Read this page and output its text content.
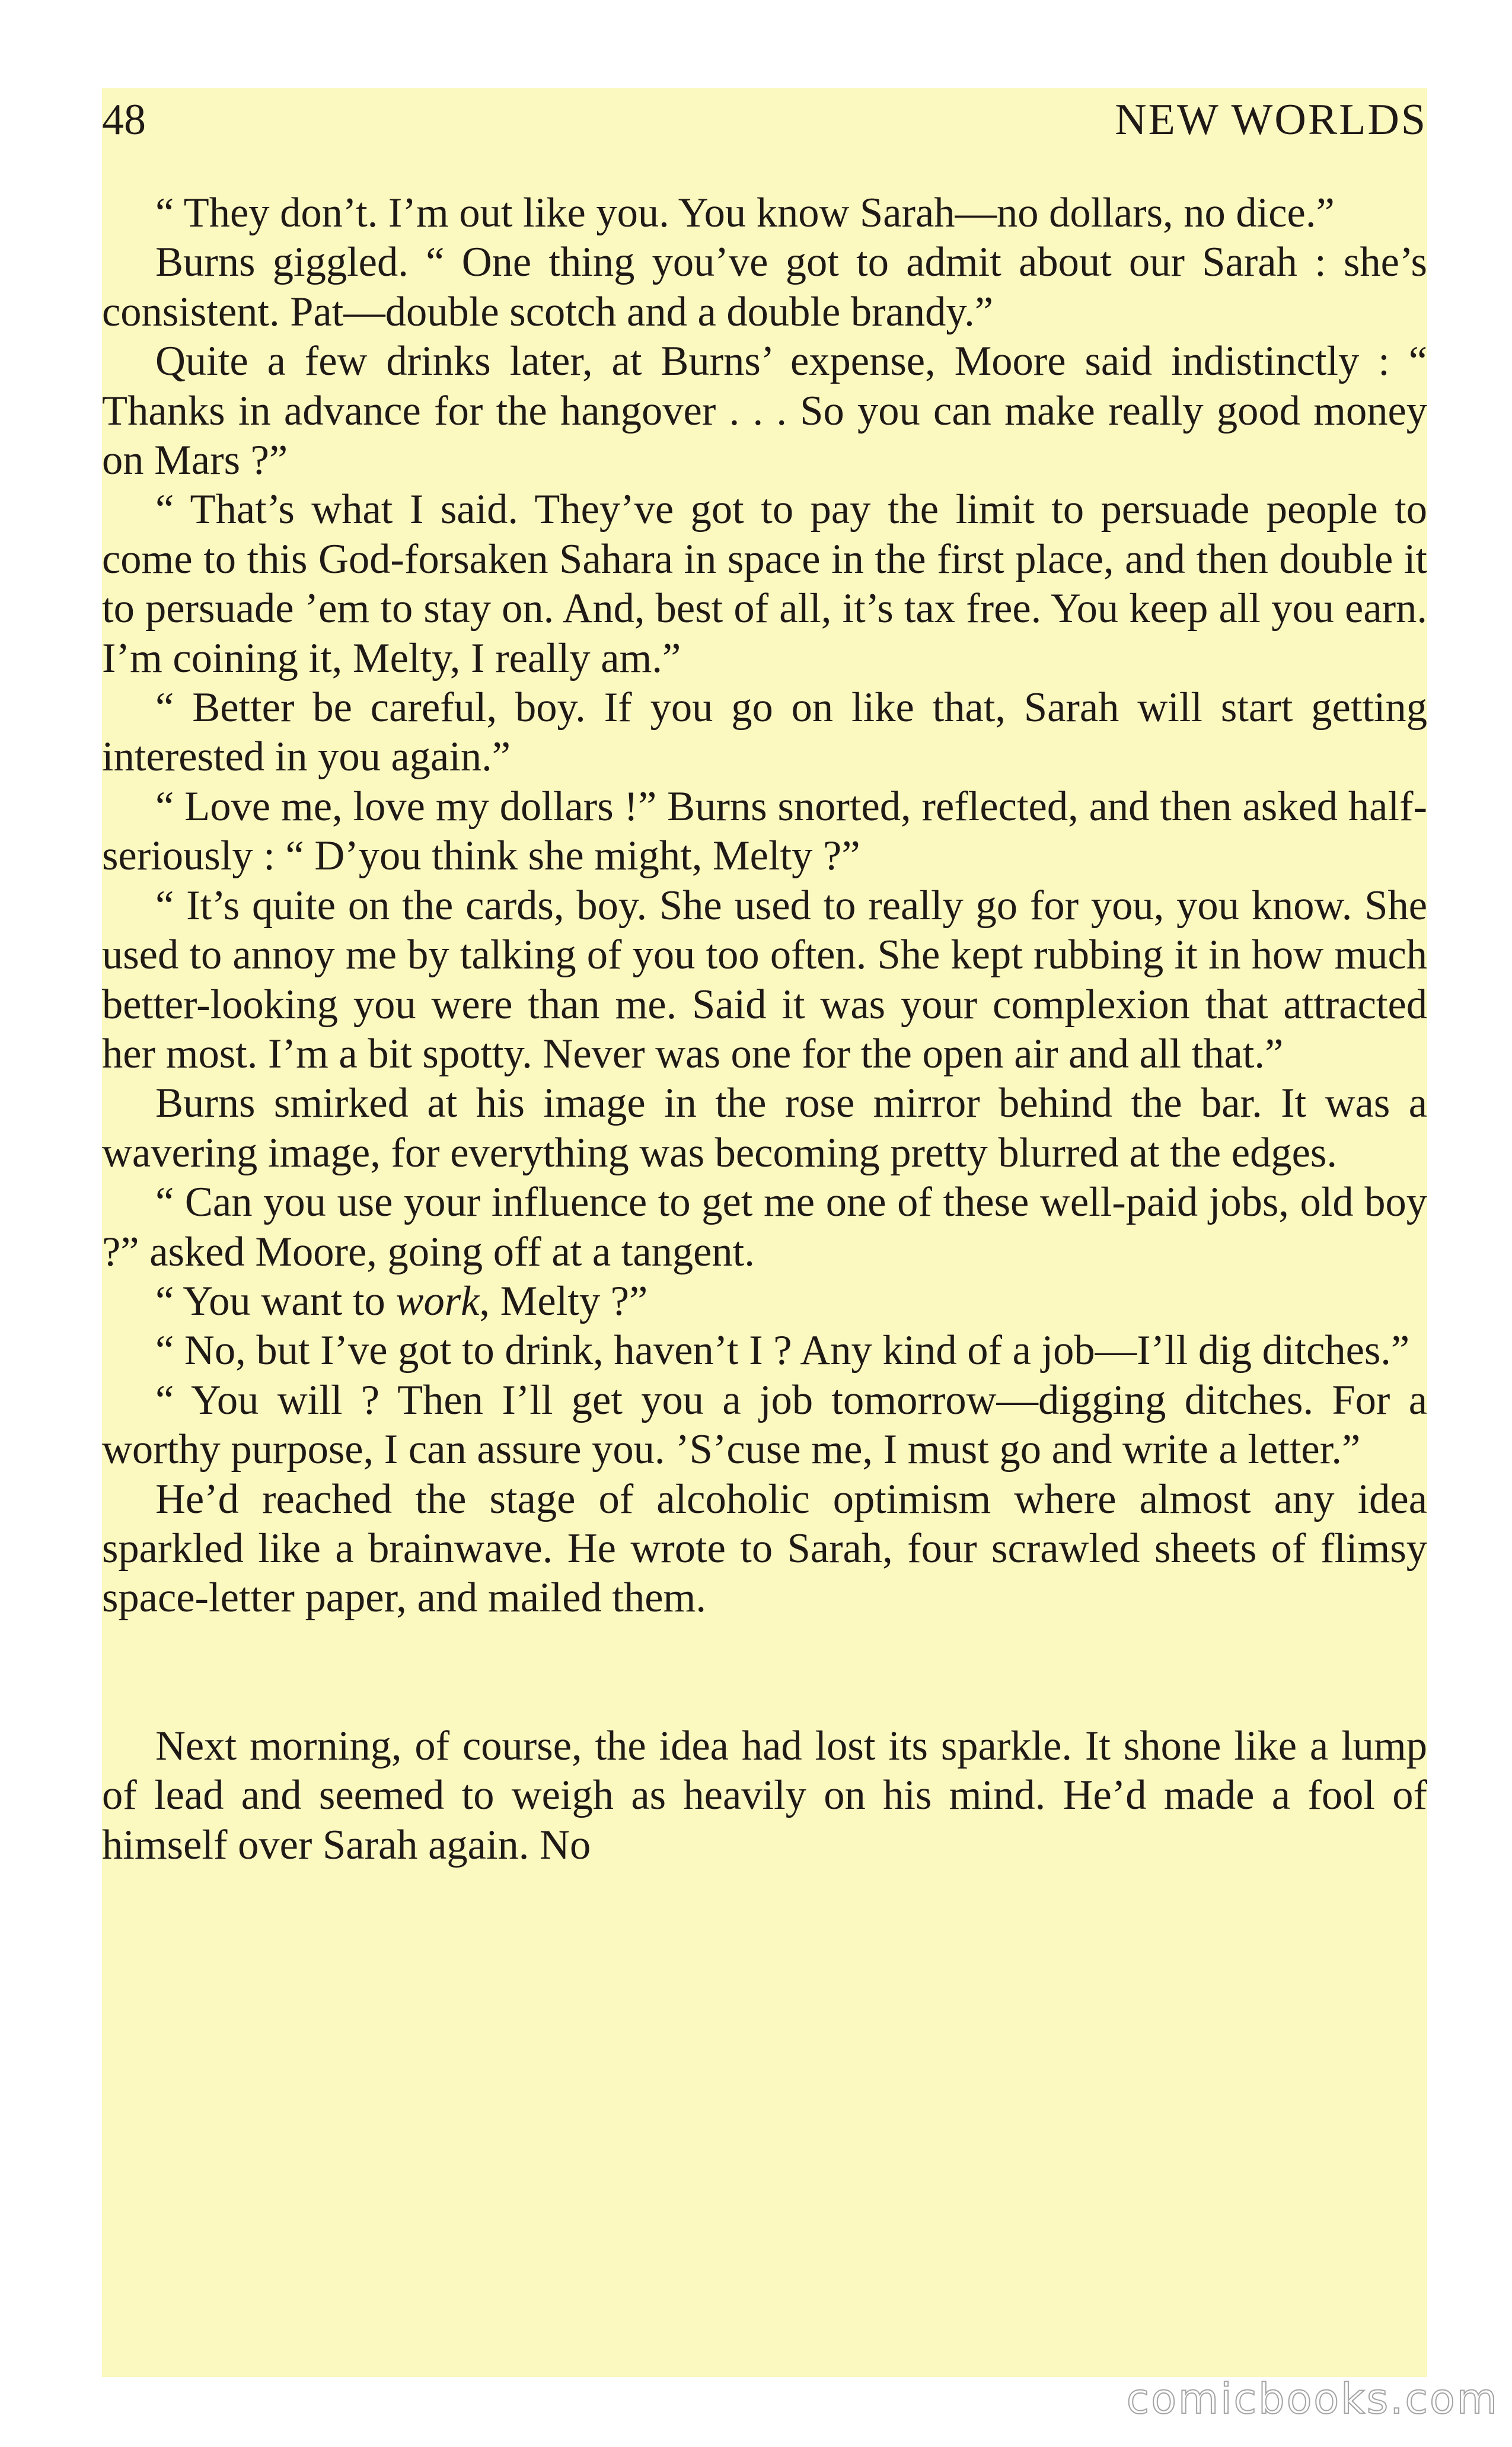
48	NEW WORLDS

“ They don’t. I’m out like you. You know Sarah—no dollars, no dice.”

Burns giggled. “ One thing you’ve got to admit about our Sarah : she’s consistent. Pat—double scotch and a double brandy.”

Quite a few drinks later, at Burns’ expense, Moore said indistinctly : “ Thanks in advance for the hangover . . . So you can make really good money on Mars ?”

“ That’s what I said. They’ve got to pay the limit to persuade people to come to this God-forsaken Sahara in space in the first place, and then double it to persuade ’em to stay on. And, best of all, it’s tax free. You keep all you earn. I’m coining it, Melty, I really am.”

“ Better be careful, boy. If you go on like that, Sarah will start getting interested in you again.”

“ Love me, love my dollars !” Burns snorted, reflected, and then asked half-seriously : “ D’you think she might, Melty ?”

“ It’s quite on the cards, boy. She used to really go for you, you know. She used to annoy me by talking of you too often. She kept rubbing it in how much better-looking you were than me. Said it was your complexion that attracted her most. I’m a bit spotty. Never was one for the open air and all that.”

Burns smirked at his image in the rose mirror behind the bar. It was a wavering image, for everything was becoming pretty blurred at the edges.

“ Can you use your influence to get me one of these well-paid jobs, old boy ?” asked Moore, going off at a tangent.

“ You want to work, Melty ?”

“ No, but I’ve got to drink, haven’t I ? Any kind of a job—I’ll dig ditches.”

“ You will ? Then I’ll get you a job tomorrow—digging ditches. For a worthy purpose, I can assure you. ’S’cuse me, I must go and write a letter.”

He’d reached the stage of alcoholic optimism where almost any idea sparkled like a brainwave. He wrote to Sarah, four scrawled sheets of flimsy space-letter paper, and mailed them.

Next morning, of course, the idea had lost its sparkle. It shone like a lump of lead and seemed to weigh as heavily on his mind. He’d made a fool of himself over Sarah again. No

comicbooks.com
